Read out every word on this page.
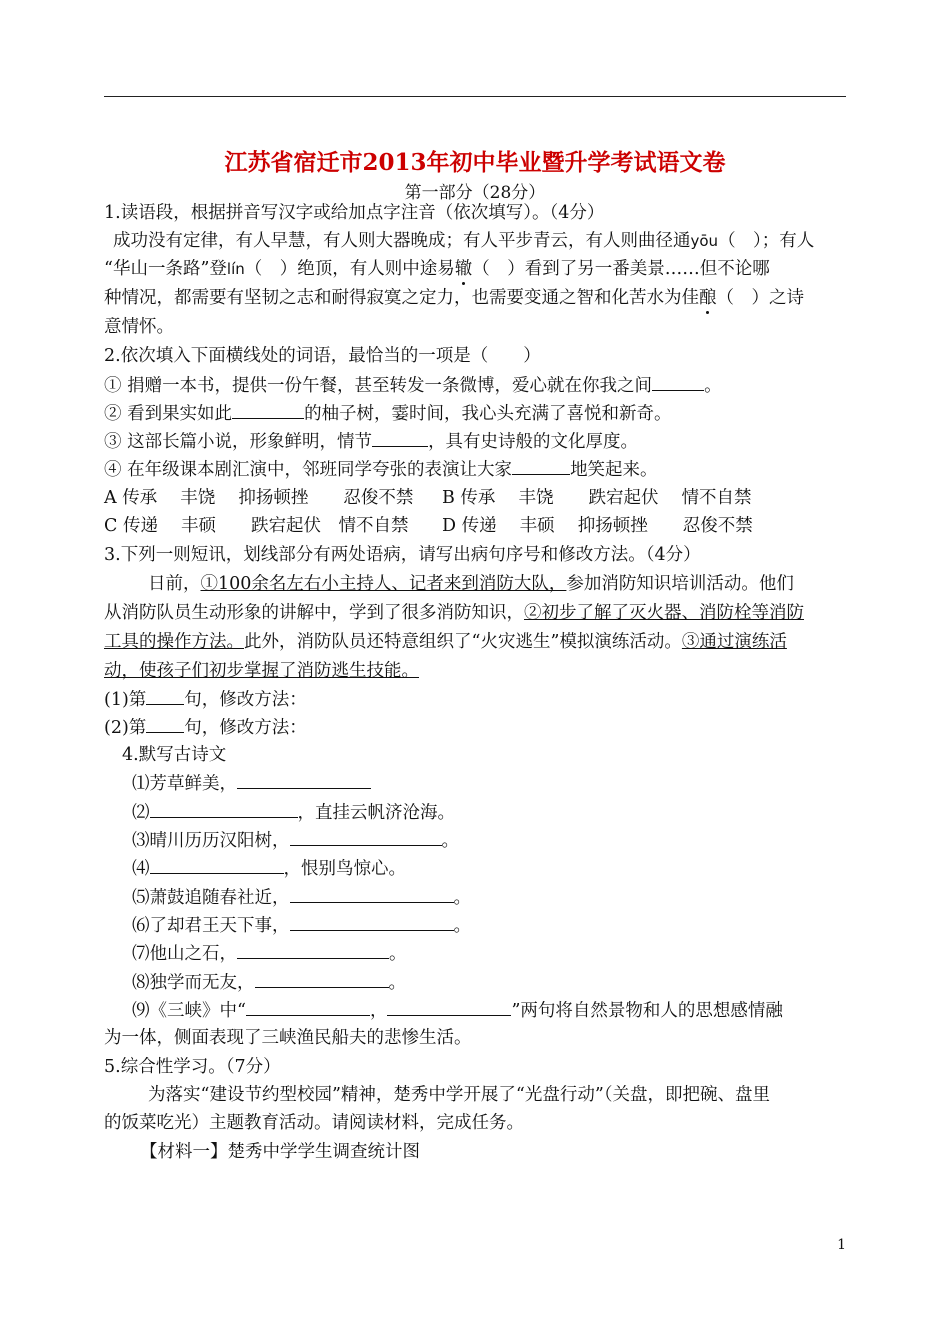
江苏省宿迁市2013年初中毕业暨升学考试语文卷
第一部分（28分）
1.读语段，根据拼音写汉字或给加点字注音（依次填写）。（4分）
成功没有定律，有人早慧，有人则大器晚成；有人平步青云，有人则曲径通yōu（　）；有人
“华山一条路”登lín（　）绝顶，有人则中途易辙（　）看到了另一番美景……但不论哪
种情况，都需要有坚韧之志和耐得寂寞之定力，也需要变通之智和化苦水为佳酿（　）之诗
意情怀。
2.依次填入下面横线处的词语，最恰当的一项是（　　）
① 捐赠一本书，提供一份午餐，甚至转发一条微博，爱心就在你我之间	。
② 看到果实如此	的柚子树，霎时间，我心头充满了喜悦和新奇。
③ 这部长篇小说，形象鲜明，情节	，具有史诗般的文化厚度。
④ 在年级课本剧汇演中，邻班同学夸张的表演让大家	地笑起来。
A 传承　 丰饶　 抑扬顿挫　　忍俊不禁 B 传承　 丰饶　　跌宕起伏　 情不自禁
C 传递　 丰硕　　跌宕起伏　情不自禁 D 传递　 丰硕　 抑扬顿挫　　忍俊不禁
3.下列一则短讯，划线部分有两处语病，请写出病句序号和修改方法。（4分）
日前，①100余名左右小主持人、记者来到消防大队，参加消防知识培训活动。他们
从消防队员生动形象的讲解中，学到了很多消防知识，②初步了解了灭火器、消防栓等消防
工具的操作方法。此外，消防队员还特意组织了“火灾逃生”模拟演练活动。③通过演练活
动，使孩子们初步掌握了消防逃生技能。
(1)第 句，修改方法：
(2)第 句，修改方法：
4.默写古诗文
⑴芳草鲜美，
⑵	，直挂云帆济沧海。
⑶晴川历历汉阳树，	。
⑷	，恨别鸟惊心。
⑸萧鼓追随春社近，	。
⑹了却君王天下事，	。
⑺他山之石，	。
⑻独学而无友，	。
⑼《三峡》中“	，	”两句将自然景物和人的思想感情融
为一体，侧面表现了三峡渔民船夫的悲惨生活。
5.综合性学习。（7分）
为落实“建设节约型校园”精神，楚秀中学开展了“光盘行动”（关盘，即把碗、盘里
的饭菜吃光）主题教育活动。请阅读材料，完成任务。
【材料一】楚秀中学学生调查统计图
1
